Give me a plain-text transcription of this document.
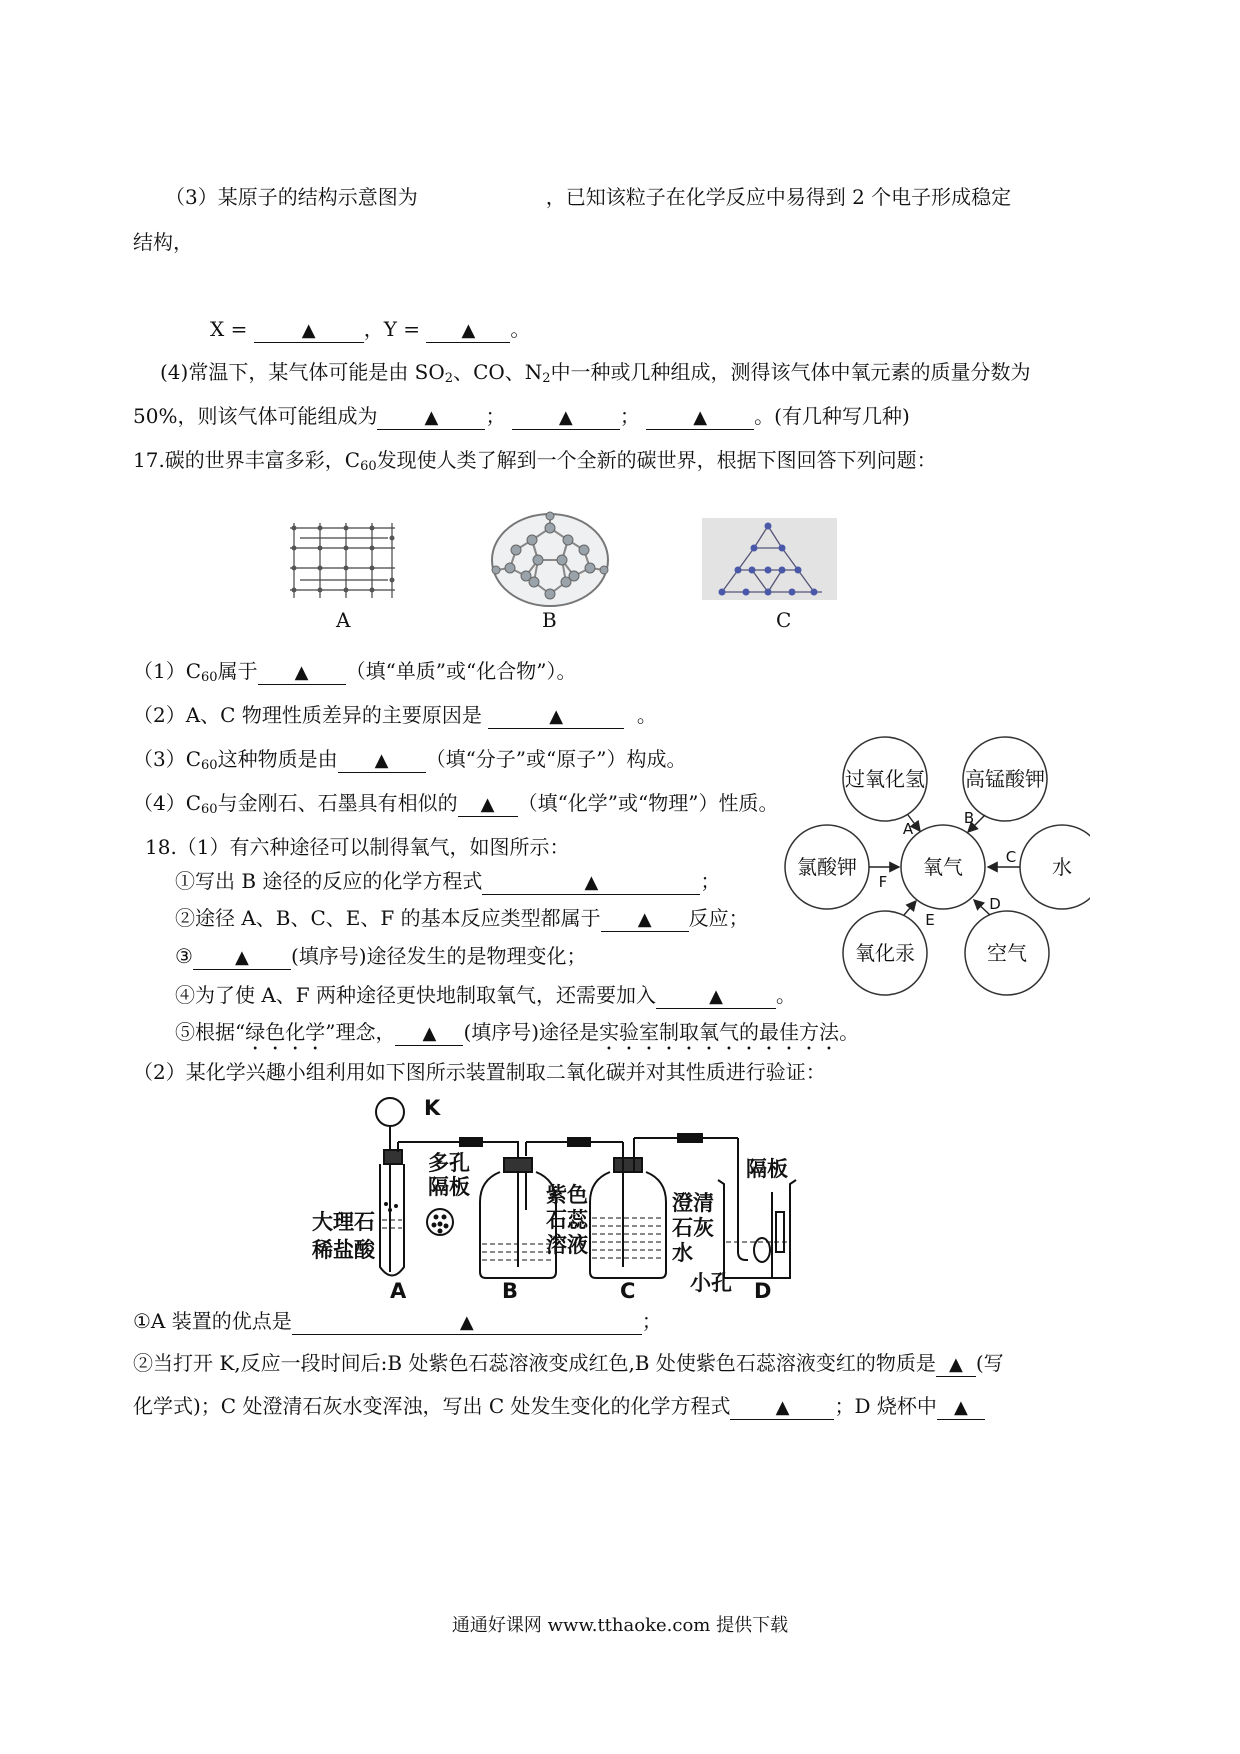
（3）某原子的结构示意图为	，已知该粒子在化学反应中易得到 2 个电子形成稳定
结构，
X =	▲ ，Y = ▲ 。
(4)常温下，某气体可能是由 $SO_2$、CO、$N_2$中一种或几种组成，测得该气体中氧元素的质量分数为
50%，则该气体可能组成为	▲ ；	▲ ；	▲ 。(有几种写几种)
17.碳的世界丰富多彩，$C_{60}$发现使人类了解到一个全新的碳世界，根据下图回答下列问题：
A	B	C
$(1)C_{60}$属于 ▲ （填“单质”或“化合物”）。
（2）A、C 物理性质差异的主要原因是	▲	。
$(3)C_{60}$这种物质是由 ▲ （填“分子”或“原子”）构成。
$(4)C_{60}$与金刚石、石墨具有相似的 ▲ （填“化学”或“物理”）性质。
氧气
过氧化氢 高锰酸钾
水
空气
氧化汞
氯酸钾
A
B
C
D
E
F
18.（1）有六种途径可以制得氧气，如图所示：
①写出 B 途径的反应的化学方程式	▲	；
②途径 A、B、C、E、F 的基本反应类型都属于 ▲ 反应；
③ ▲ (填序号)途径发生的是物理变化；
④为了使 A、F 两种途径更快地制取氧气，还需要加入	▲	。
⑤根据“绿色化学”理念， ▲ (填序号)途径是实验室制取氧气的最佳方法。
（2）某化学兴趣小组利用如下图所示装置制取二氧化碳并对其性质进行验证：
K
多孔
隔板
大理石
稀盐酸
紫色
石蕊
溶液
澄清
石灰
水
隔板
小孔
A	B	C	D
①A 装置的优点是	▲	；
②当打开 K,反应一段时间后:B 处紫色石蕊溶液变成红色,B 处使紫色石蕊溶液变红的物质是 ▲ (写
化学式)；C 处澄清石灰水变浑浊，写出 C 处发生变化的化学方程式	▲ ；D 烧杯中 ▲
通通好课网 www.tthaoke.com 提供下载
